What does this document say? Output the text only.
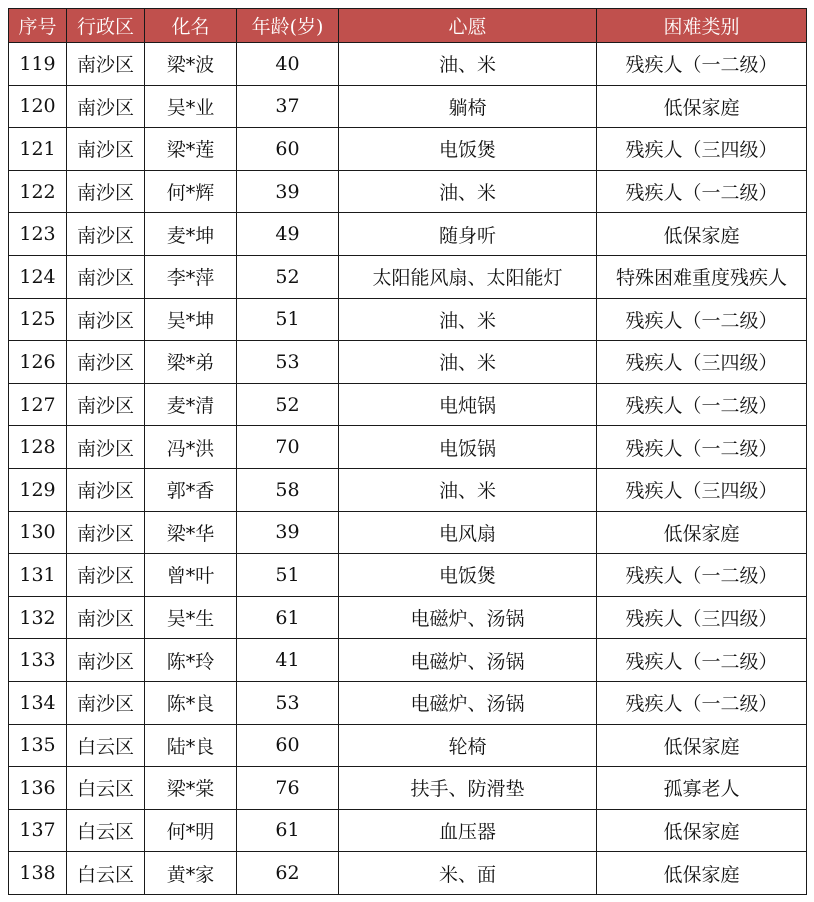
序号	行政区	化名	年龄(岁)	心愿	困难类别
119	南沙区	梁*波	40	油、米	残疾人（一二级）
120	南沙区	吴*业	37	躺椅	低保家庭
121	南沙区	梁*莲	60	电饭煲	残疾人（三四级）
122	南沙区	何*辉	39	油、米	残疾人（一二级）
123	南沙区	麦*坤	49	随身听	低保家庭
124	南沙区	李*萍	52	太阳能风扇、太阳能灯	特殊困难重度残疾人
125	南沙区	吴*坤	51	油、米	残疾人（一二级）
126	南沙区	梁*弟	53	油、米	残疾人（三四级）
127	南沙区	麦*清	52	电炖锅	残疾人（一二级）
128	南沙区	冯*洪	70	电饭锅	残疾人（一二级）
129	南沙区	郭*香	58	油、米	残疾人（三四级）
130	南沙区	梁*华	39	电风扇	低保家庭
131	南沙区	曾*叶	51	电饭煲	残疾人（一二级）
132	南沙区	吴*生	61	电磁炉、汤锅	残疾人（三四级）
133	南沙区	陈*玲	41	电磁炉、汤锅	残疾人（一二级）
134	南沙区	陈*良	53	电磁炉、汤锅	残疾人（一二级）
135	白云区	陆*良	60	轮椅	低保家庭
136	白云区	梁*棠	76	扶手、防滑垫	孤寡老人
137	白云区	何*明	61	血压器	低保家庭
138	白云区	黄*家	62	米、面	低保家庭
